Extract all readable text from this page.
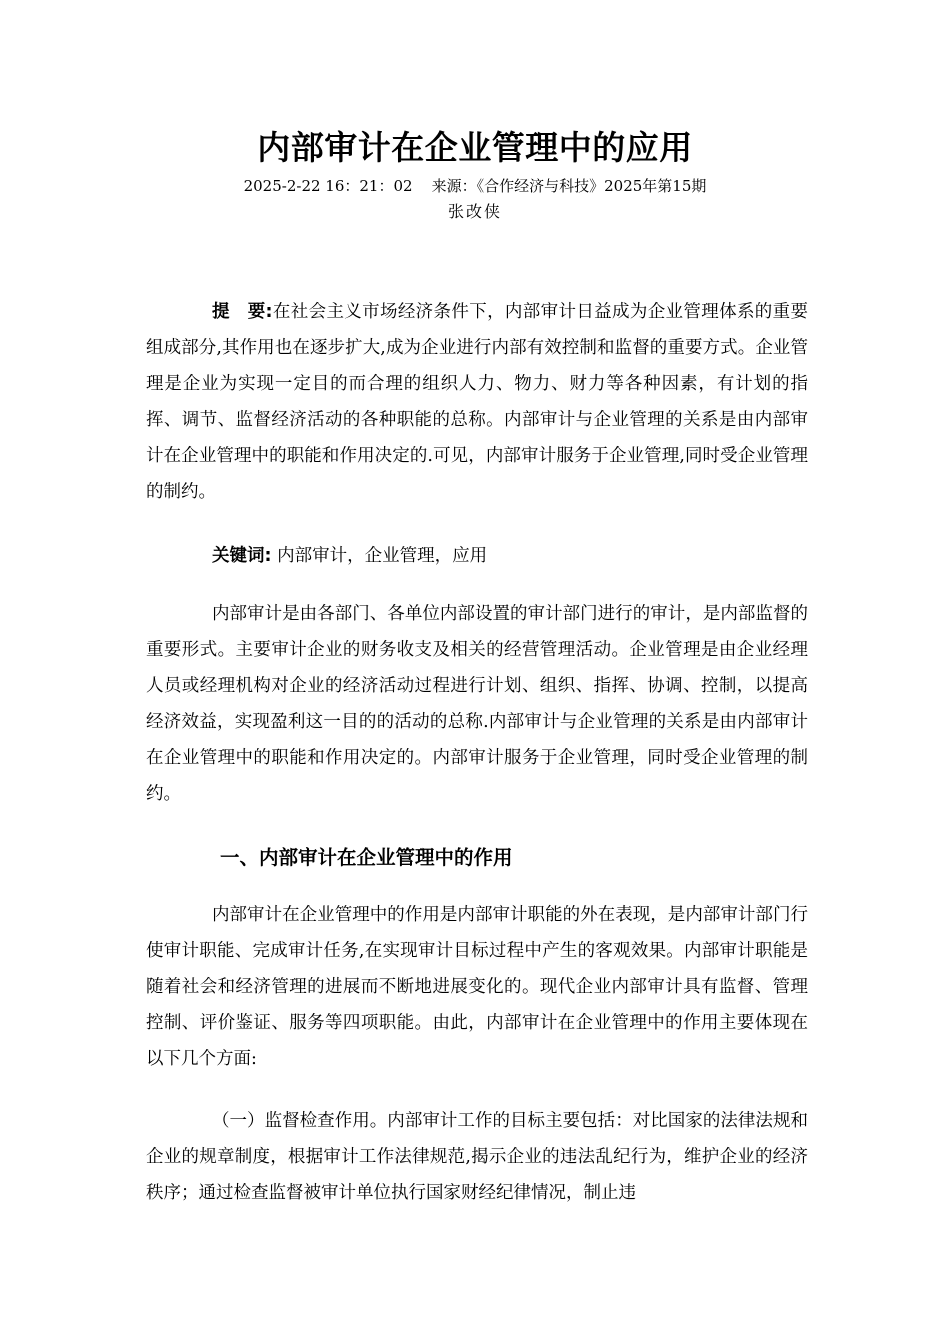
内部审计在企业管理中的应用
2025-2-22 16：21：02    来源：《合作经济与科技》2025年第15期
张改侠
提　要:在社会主义市场经济条件下，内部审计日益成为企业管理体系的重要组成部分,其作用也在逐步扩大,成为企业进行内部有效控制和监督的重要方式。企业管理是企业为实现一定目的而合理的组织人力、物力、财力等各种因素，有计划的指挥、调节、监督经济活动的各种职能的总称。内部审计与企业管理的关系是由内部审计在企业管理中的职能和作用决定的.可见，内部审计服务于企业管理,同时受企业管理的制约。
关键词: 内部审计，企业管理，应用
内部审计是由各部门、各单位内部设置的审计部门进行的审计，是内部监督的重要形式。主要审计企业的财务收支及相关的经营管理活动。企业管理是由企业经理人员或经理机构对企业的经济活动过程进行计划、组织、指挥、协调、控制，以提高经济效益，实现盈利这一目的的活动的总称.内部审计与企业管理的关系是由内部审计在企业管理中的职能和作用决定的。内部审计服务于企业管理，同时受企业管理的制约。
一、内部审计在企业管理中的作用
内部审计在企业管理中的作用是内部审计职能的外在表现，是内部审计部门行使审计职能、完成审计任务,在实现审计目标过程中产生的客观效果。内部审计职能是随着社会和经济管理的进展而不断地进展变化的。现代企业内部审计具有监督、管理控制、评价鉴证、服务等四项职能。由此，内部审计在企业管理中的作用主要体现在以下几个方面:
（一）监督检查作用。内部审计工作的目标主要包括：对比国家的法律法规和企业的规章制度，根据审计工作法律规范,揭示企业的违法乱纪行为，维护企业的经济秩序；通过检查监督被审计单位执行国家财经纪律情况，制止违
